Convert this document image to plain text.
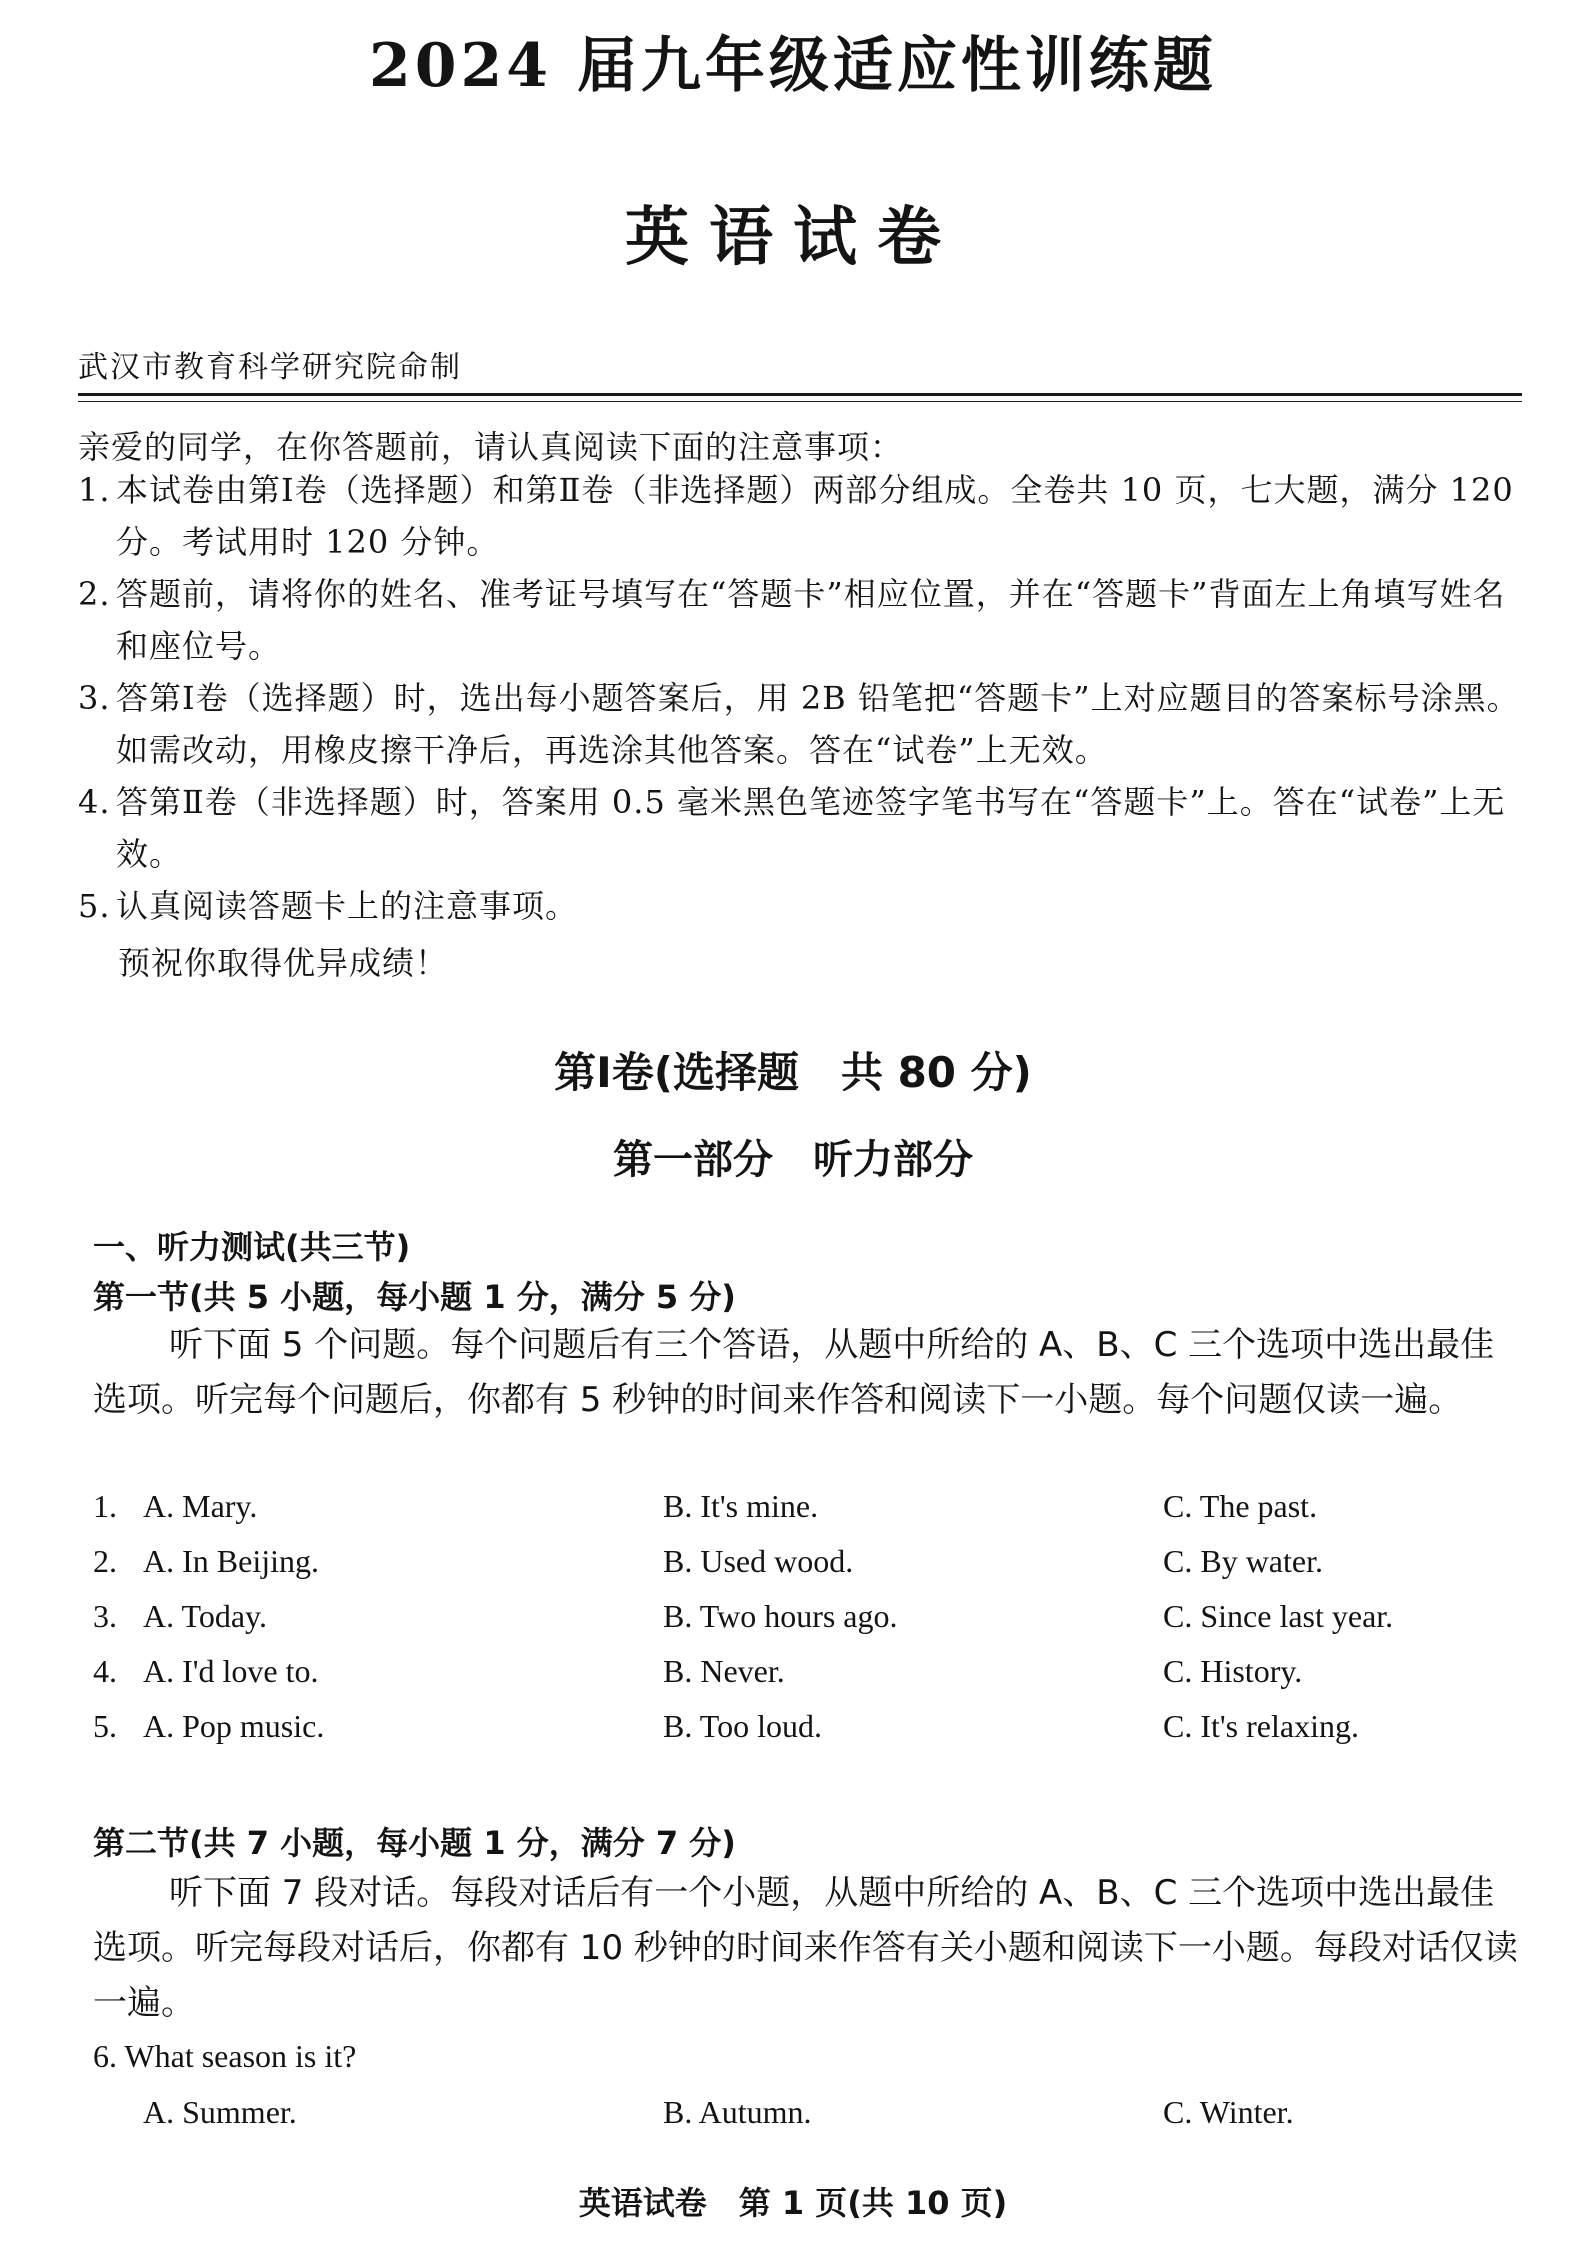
2024 届九年级适应性训练题
英语试卷
武汉市教育科学研究院命制
亲爱的同学，在你答题前，请认真阅读下面的注意事项：
1. 本试卷由第Ⅰ卷（选择题）和第Ⅱ卷（非选择题）两部分组成。全卷共 10 页，七大题，满分 120 分。考试用时 120 分钟。
2. 答题前，请将你的姓名、准考证号填写在“答题卡”相应位置，并在“答题卡”背面左上角填写姓名和座位号。
3. 答第Ⅰ卷（选择题）时，选出每小题答案后，用 2B 铅笔把“答题卡”上对应题目的答案标号涂黑。如需改动，用橡皮擦干净后，再选涂其他答案。答在“试卷”上无效。
4. 答第Ⅱ卷（非选择题）时，答案用 0.5 毫米黑色笔迹签字笔书写在“答题卡”上。答在“试卷”上无效。
5. 认真阅读答题卡上的注意事项。
预祝你取得优异成绩！
第Ⅰ卷(选择题　共 80 分)
第一部分　听力部分
一、听力测试(共三节)
第一节(共 5 小题，每小题 1 分，满分 5 分)
听下面 5 个问题。每个问题后有三个答语，从题中所给的 A、B、C 三个选项中选出最佳选项。听完每个问题后，你都有 5 秒钟的时间来作答和阅读下一小题。每个问题仅读一遍。
1. A. Mary.	B. It's mine.	C. The past.
2. A. In Beijing.	B. Used wood.	C. By water.
3. A. Today.	B. Two hours ago.	C. Since last year.
4. A. I'd love to.	B. Never.	C. History.
5. A. Pop music.	B. Too loud.	C. It's relaxing.
第二节(共 7 小题，每小题 1 分，满分 7 分)
听下面 7 段对话。每段对话后有一个小题，从题中所给的 A、B、C 三个选项中选出最佳选项。听完每段对话后，你都有 10 秒钟的时间来作答有关小题和阅读下一小题。每段对话仅读一遍。
6. What season is it?
A. Summer.	B. Autumn.	C. Winter.
英语试卷　第 1 页(共 10 页)
